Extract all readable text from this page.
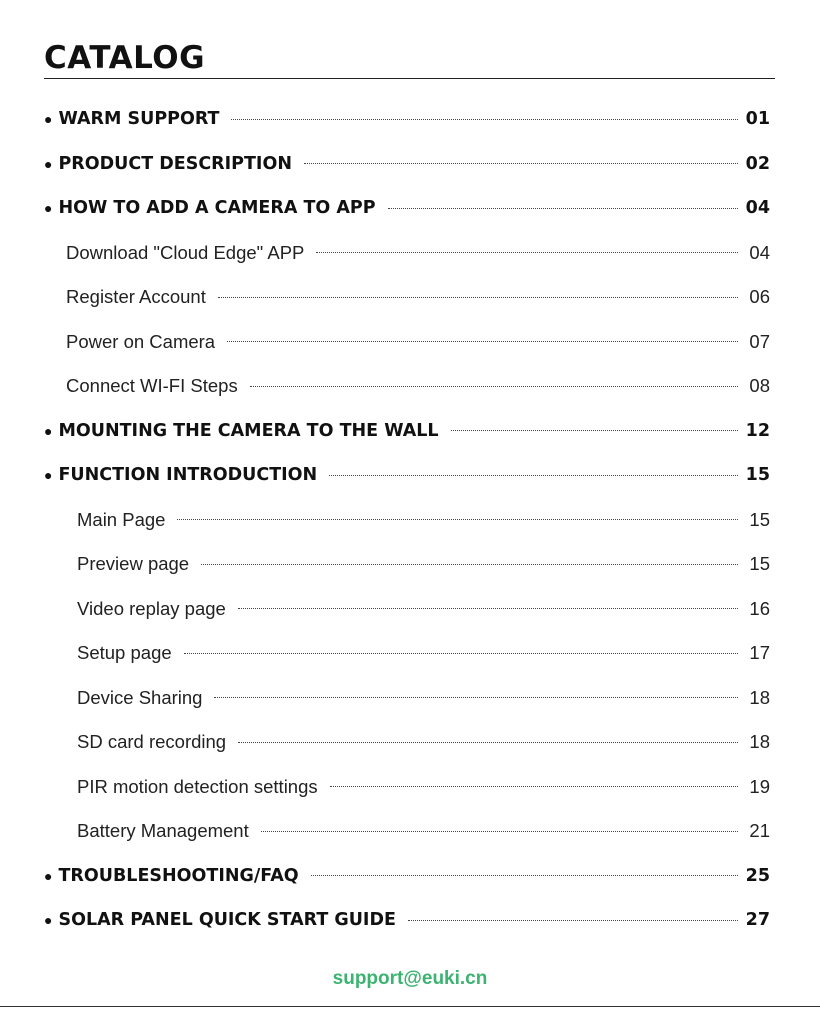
CATALOG
● WARM SUPPORT	01
● PRODUCT DESCRIPTION	02
● HOW TO ADD A CAMERA TO APP	04
Download "Cloud Edge" APP	04
Register Account	06
Power on Camera	07
Connect WI-FI Steps	08
● MOUNTING THE CAMERA TO THE WALL	12
● FUNCTION INTRODUCTION	15
Main Page	15
Preview page	15
Video replay page	16
Setup page	17
Device Sharing	18
SD card recording	18
PIR motion detection settings	19
Battery Management	21
● TROUBLESHOOTING/FAQ	25
● SOLAR PANEL QUICK START GUIDE	27
support@euki.cn
